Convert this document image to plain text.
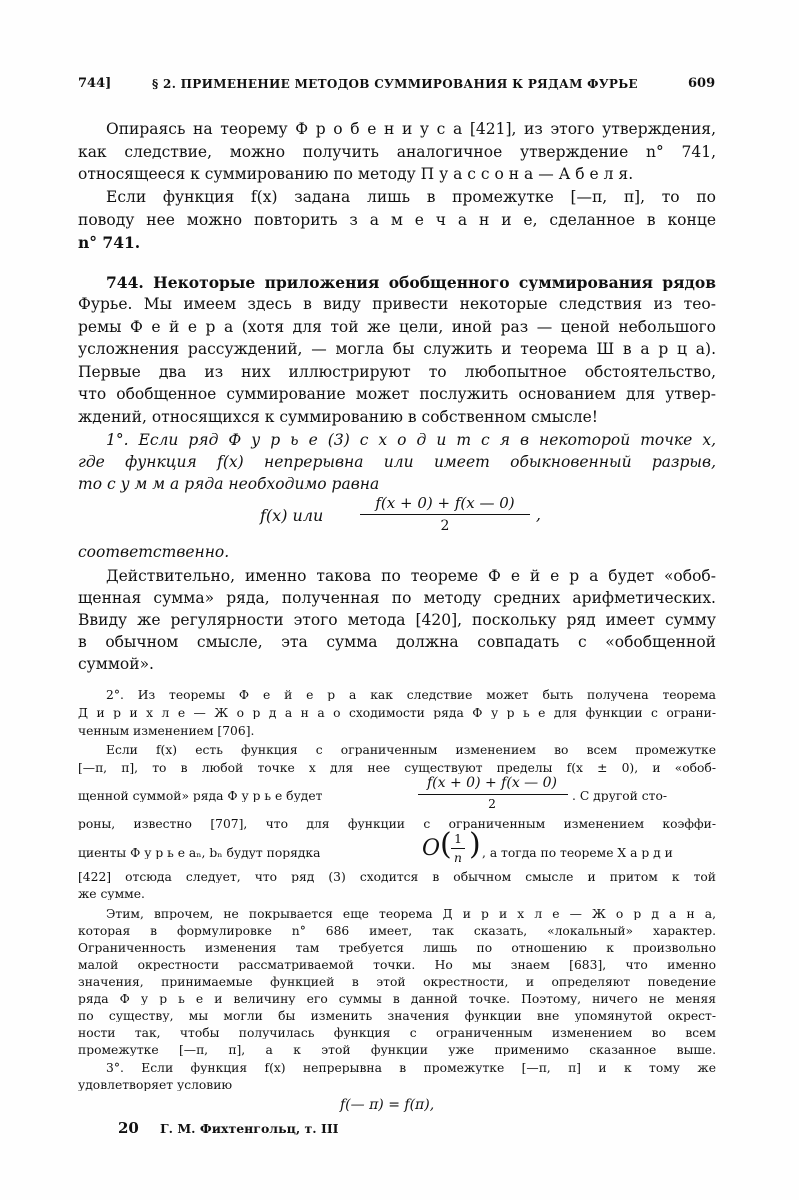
744]	§ 2. ПРИМЕНЕНИЕ МЕТОДОВ СУММИРОВАНИЯ К РЯДАМ ФУРЬЕ	609
Опираясь на теорему Ф р о б е н и у с а [421], из этого утверждения,
как следствие, можно получить аналогичное утверждение n° 741,
относящееся к суммированию по методу П у а с с о н а — А б е л я.
Если функция f(x) задана лишь в промежутке [—π, π], то по
поводу нее можно повторить з а м е ч а н и е, сделанное в конце
n° 741.
744. Некоторые приложения обобщенного суммирования рядов
Фурье. Мы имеем здесь в виду привести некоторые следствия из тео-
ремы Ф е й е р а (хотя для той же цели, иной раз — ценой небольшого
усложнения рассуждений, — могла бы служить и теорема Ш в а р ц а).
Первые два из них иллюстрируют то любопытное обстоятельство,
что обобщенное суммирование может послужить основанием для утвер-
ждений, относящихся к суммированию в собственном смысле!
1°. Если ряд Ф у р ь е (3) с х о д и т с я в некоторой точке x,
где функция f(x) непрерывна или имеет обыкновенный разрыв,
то с у м м а ряда необходимо равна
f(x) или
f(x + 0) + f(x — 0)
2
,
соответственно.
Действительно, именно такова по теореме Ф е й е р а будет «обоб-
щенная сумма» ряда, полученная по методу средних арифметических.
Ввиду же регулярности этого метода [420], поскольку ряд имеет сумму
в обычном смысле, эта сумма должна совпадать с «обобщенной
суммой».
2°. Из теоремы Ф е й е р а как следствие может быть получена теорема
Д и р и х л е — Ж о р д а н а о сходимости ряда Ф у р ь е для функции с ограни-
ченным изменением [706].
Если f(x) есть функция с ограниченным изменением во всем промежутке
[—π, π], то в любой точке x для нее существуют пределы f(x ± 0), и «обоб-
щенной суммой» ряда Ф у р ь е будет
f(x + 0) + f(x — 0)
2
. С другой сто-
роны, известно [707], что для функции с ограниченным изменением коэффи-
циенты Ф у р ь е aₙ, bₙ будут порядка	O ( 1
n ) , а тогда по теореме Х а р д и
[422] отсюда следует, что ряд (3) сходится в обычном смысле и притом к той
же сумме.
Этим, впрочем, не покрывается еще теорема Д и р и х л е — Ж о р д а н а,
которая в формулировке n° 686 имеет, так сказать, «локальный» характер.
Ограниченность изменения там требуется лишь по отношению к произвольно
малой окрестности рассматриваемой точки. Но мы знаем [683], что именно
значения, принимаемые функцией в этой окрестности, и определяют поведение
ряда Ф у р ь е и величину его суммы в данной точке. Поэтому, ничего не меняя
по существу, мы могли бы изменить значения функции вне упомянутой окрест-
ности так, чтобы получилась функция с ограниченным изменением во всем
промежутке [—π, π], а к этой функции уже применимо сказанное выше.
3°. Если функция f(x) непрерывна в промежутке [—π, π] и к тому же
удовлетворяет условию
f(— π) = f(π),
20 Г. М. Фихтенгольц, т. III
